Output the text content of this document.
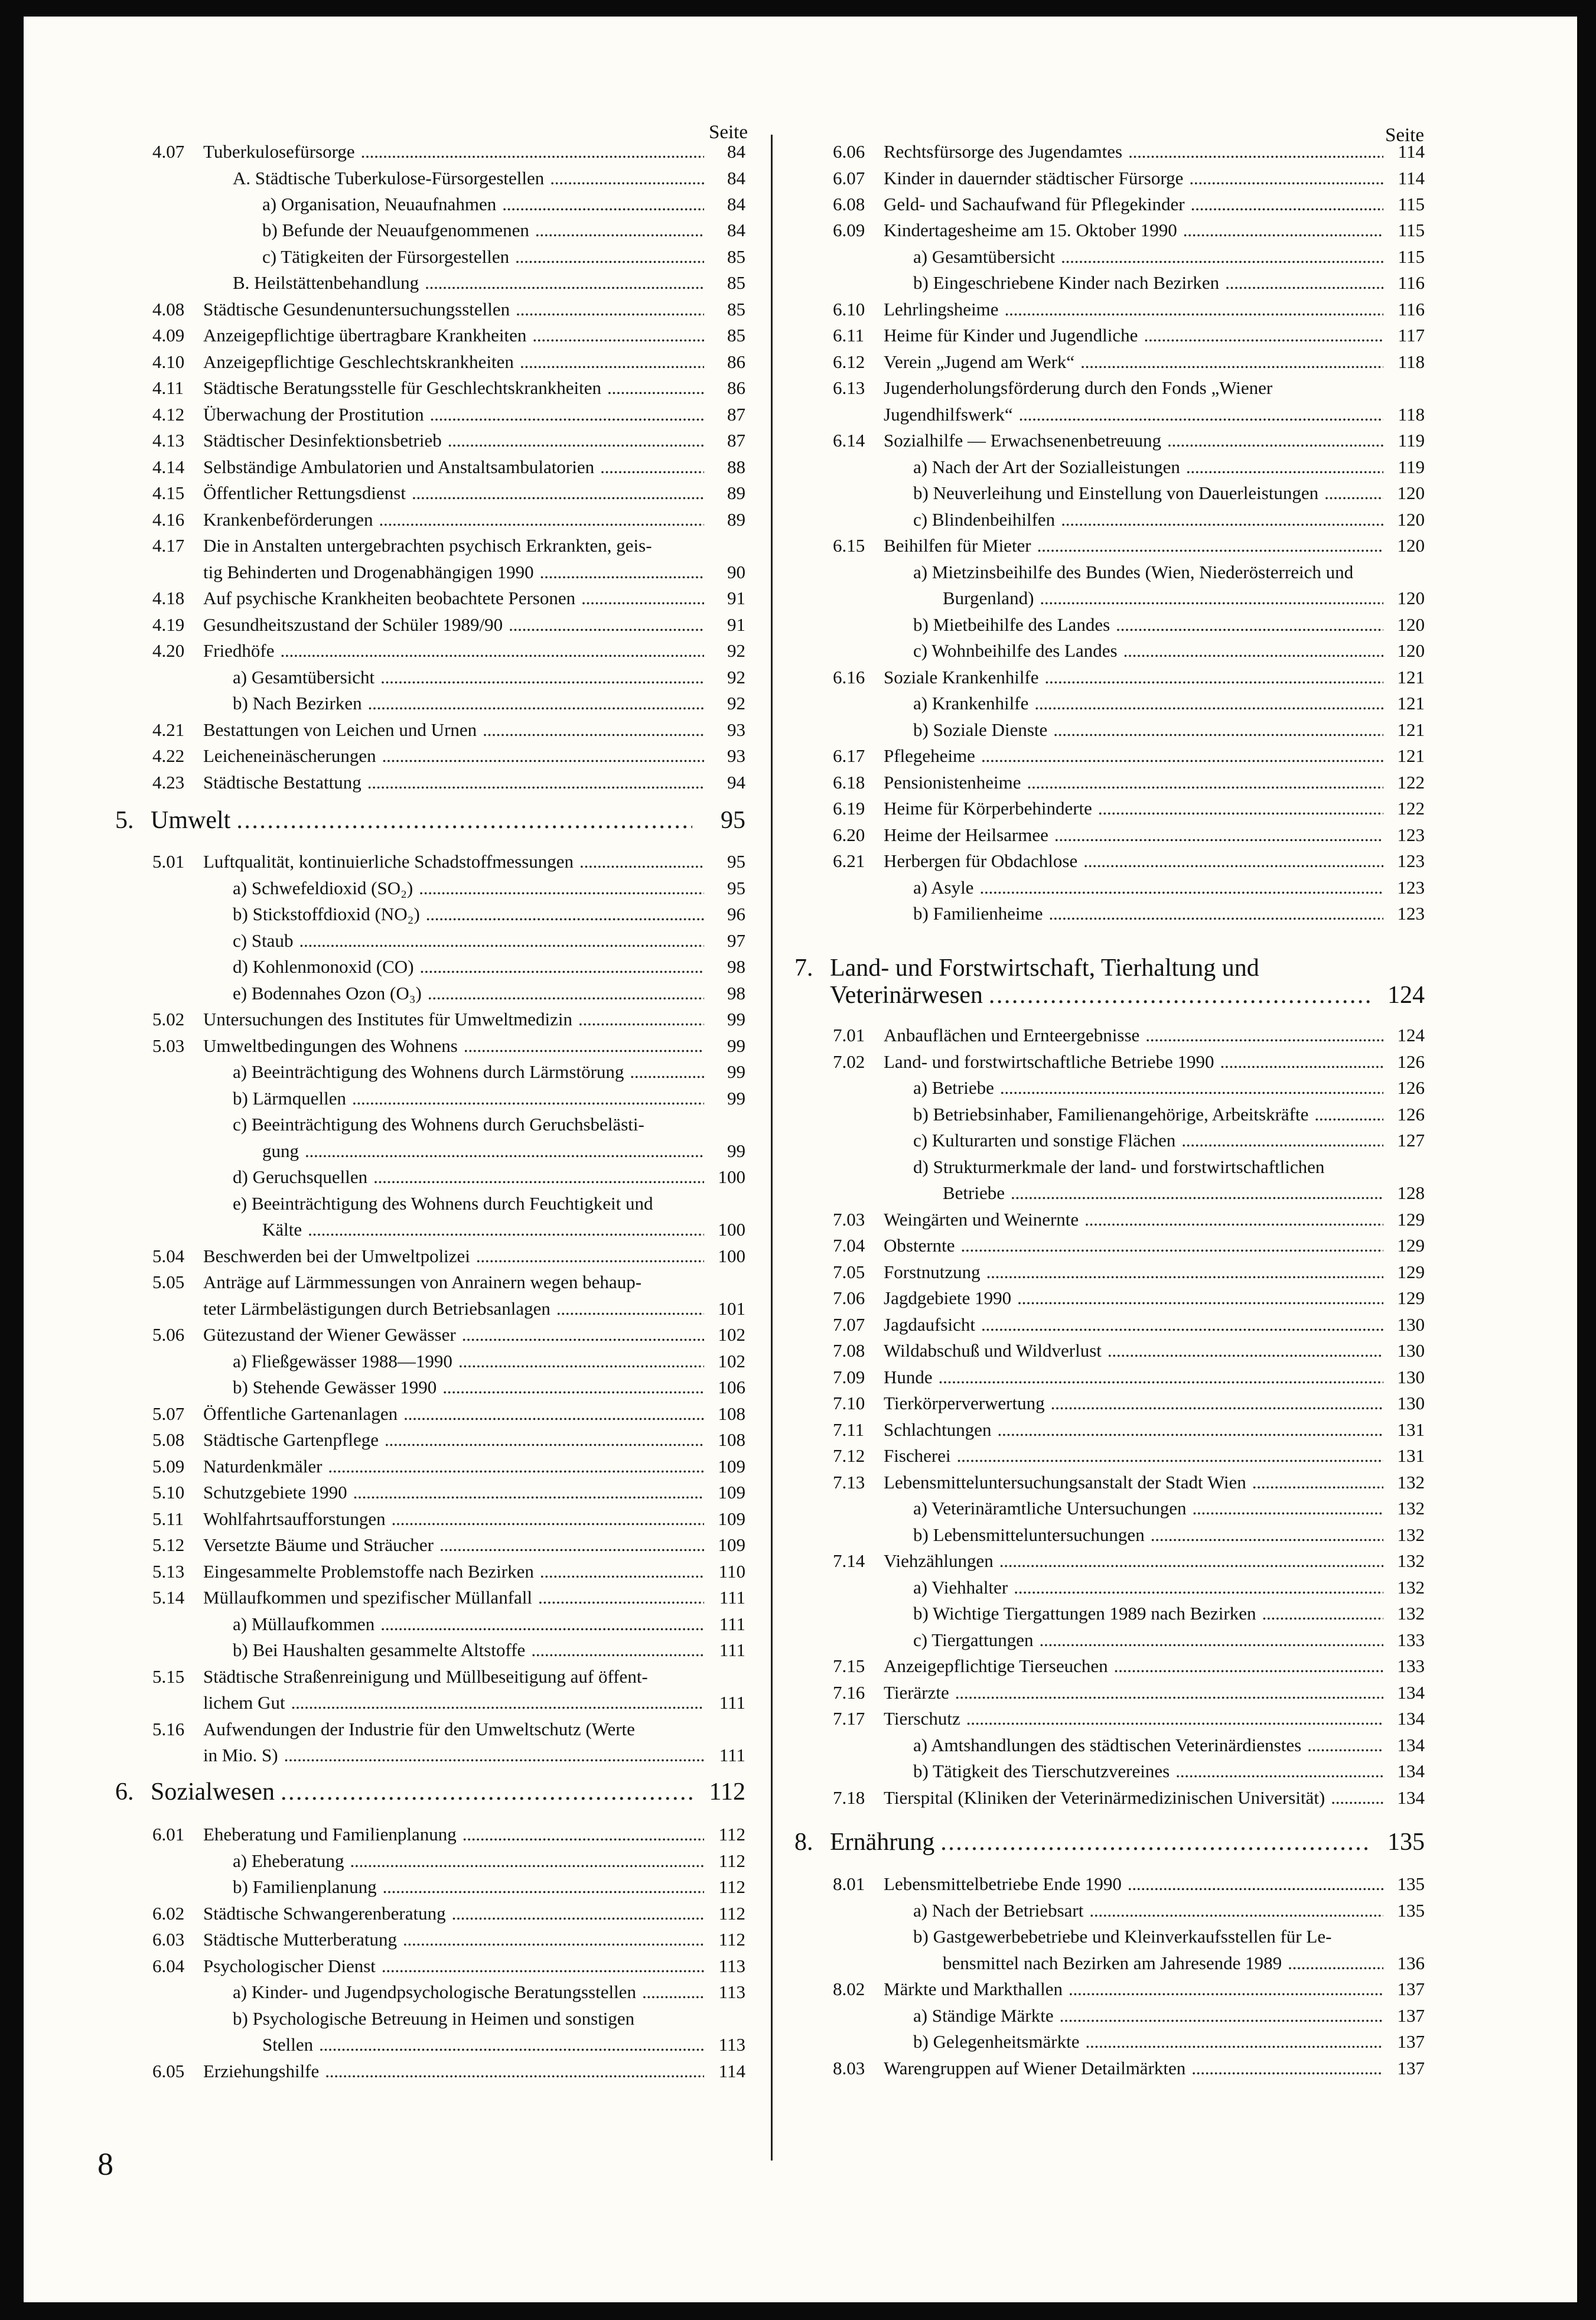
Seite	Seite
8
4.07	Tuberkulosefürsorge . . .	84
A. Städtische Tuberkulose-Fürsorgestellen . . .	84
a) Organisation, Neuaufnahmen . . .	84
b) Befunde der Neuaufgenommenen . . .	84
c) Tätigkeiten der Fürsorgestellen . . .	85
B. Heilstättenbehandlung . . .	85
4.08	Städtische Gesundenuntersuchungsstellen . . .	85
4.09	Anzeigepflichtige übertragbare Krankheiten . . .	85
4.10	Anzeigepflichtige Geschlechtskrankheiten . . .	86
4.11	Städtische Beratungsstelle für Geschlechtskrankheiten . . .	86
4.12	Überwachung der Prostitution . . .	87
4.13	Städtischer Desinfektionsbetrieb . . .	87
4.14	Selbständige Ambulatorien und Anstaltsambulatorien . . .	88
4.15	Öffentlicher Rettungsdienst . . .	89
4.16	Krankenbeförderungen . . .	89
4.17 Die in Anstalten untergebrachten psychisch Erkrankten, geis-
tig Behinderten und Drogenabhängigen 1990 . . .	90
4.18	Auf psychische Krankheiten beobachtete Personen . . .	91
4.19	Gesundheitszustand der Schüler 1989/90 . . .	91
4.20	Friedhöfe . . .	92
a) Gesamtübersicht . . .	92
b) Nach Bezirken . . .	92
4.21	Bestattungen von Leichen und Urnen . . .	93
4.22	Leicheneinäscherungen . . .	93
4.23	Städtische Bestattung . . .	94
5.01	Luftqualität, kontinuierliche Schadstoffmessungen . . .	95
a) Schwefeldioxid (SO₂) . . .	95
b) Stickstoffdioxid (NO₂) . . .	96
c) Staub . . .	97
d) Kohlenmonoxid (CO) . . .	98
e) Bodennahes Ozon (O₃) . . .	98
5.02	Untersuchungen des Institutes für Umweltmedizin . . .	99
5.03	Umweltbedingungen des Wohnens . . .	99
a) Beeinträchtigung des Wohnens durch Lärmstörung . . .	99
b) Lärmquellen . . .	99
c) Beeinträchtigung des Wohnens durch Geruchsbelästi-
gung . . .	99
d) Geruchsquellen . . .	100
e) Beeinträchtigung des Wohnens durch Feuchtigkeit und
Kälte . . .	100
5.04	Beschwerden bei der Umweltpolizei . . .	100
5.05 Anträge auf Lärmmessungen von Anrainern wegen behaup-
teter Lärmbelästigungen durch Betriebsanlagen . . .	101
5.06	Gütezustand der Wiener Gewässer . . .	102
a) Fließgewässer 1988—1990 . . .	102
b) Stehende Gewässer 1990 . . .	106
5.07	Öffentliche Gartenanlagen . . .	108
5.08	Städtische Gartenpflege . . .	108
5.09	Naturdenkmäler . . .	109
5.10	Schutzgebiete 1990 . . .	109
5.11	Wohlfahrtsaufforstungen . . .	109
5.12	Versetzte Bäume und Sträucher . . .	109
5.13	Eingesammelte Problemstoffe nach Bezirken . . .	110
5.14	Müllaufkommen und spezifischer Müllanfall . . .	111
a) Müllaufkommen . . .	111
b) Bei Haushalten gesammelte Altstoffe . . .	111
5.15 Städtische Straßenreinigung und Müllbeseitigung auf öffent-
lichem Gut . . .	111
5.16 Aufwendungen der Industrie für den Umweltschutz (Werte
in Mio. S) . . .	111
6.01	Eheberatung und Familienplanung . . .	112
a) Eheberatung . . .	112
b) Familienplanung . . .	112
6.02	Städtische Schwangerenberatung . . .	112
6.03	Städtische Mutterberatung . . .	112
6.04	Psychologischer Dienst . . .	113
a) Kinder- und Jugendpsychologische Beratungsstellen . . .	113
b) Psychologische Betreuung in Heimen und sonstigen
Stellen . . .	113
6.05	Erziehungshilfe . . .	114
6.06	Rechtsfürsorge des Jugendamtes . . .	114
6.07	Kinder in dauernder städtischer Fürsorge . . .	114
6.08	Geld- und Sachaufwand für Pflegekinder . . .	115
6.09	Kindertagesheime am 15. Oktober 1990 . . .	115
a) Gesamtübersicht . . .	115
b) Eingeschriebene Kinder nach Bezirken . . .	116
6.10	Lehrlingsheime . . .	116
6.11	Heime für Kinder und Jugendliche . . .	117
6.12	Verein „Jugend am Werk“ . . .	118
6.13 Jugenderholungsförderung durch den Fonds „Wiener
Jugendhilfswerk“ . . .	118
6.14	Sozialhilfe — Erwachsenenbetreuung . . .	119
a) Nach der Art der Sozialleistungen . . .	119
b) Neuverleihung und Einstellung von Dauerleistungen . . .	120
c) Blindenbeihilfen . . .	120
6.15	Beihilfen für Mieter . . .	120
a) Mietzinsbeihilfe des Bundes (Wien, Niederösterreich und
Burgenland) . . .	120
b) Mietbeihilfe des Landes . . .	120
c) Wohnbeihilfe des Landes . . .	120
6.16	Soziale Krankenhilfe . . .	121
a) Krankenhilfe . . .	121
b) Soziale Dienste . . .	121
6.17	Pflegeheime . . .	121
6.18	Pensionistenheime . . .	122
6.19	Heime für Körperbehinderte . . .	122
6.20	Heime der Heilsarmee . . .	123
6.21	Herbergen für Obdachlose . . .	123
a) Asyle . . .	123
b) Familienheime . . .	123
7.01	Anbauflächen und Ernteergebnisse . . .	124
7.02	Land- und forstwirtschaftliche Betriebe 1990 . . .	126
a) Betriebe . . .	126
b) Betriebsinhaber, Familienangehörige, Arbeitskräfte . . .	126
c) Kulturarten und sonstige Flächen . . .	127
d) Strukturmerkmale der land- und forstwirtschaftlichen
Betriebe . . .	128
7.03	Weingärten und Weinernte . . .	129
7.04	Obsternte . . .	129
7.05	Forstnutzung . . .	129
7.06	Jagdgebiete 1990 . . .	129
7.07	Jagdaufsicht . . .	130
7.08	Wildabschuß und Wildverlust . . .	130
7.09	Hunde . . .	130
7.10	Tierkörperverwertung . . .	130
7.11	Schlachtungen . . .	131
7.12	Fischerei . . .	131
7.13	Lebensmitteluntersuchungsanstalt der Stadt Wien . . .	132
a) Veterinäramtliche Untersuchungen . . .	132
b) Lebensmitteluntersuchungen . . .	132
7.14	Viehzählungen . . .	132
a) Viehhalter . . .	132
b) Wichtige Tiergattungen 1989 nach Bezirken . . .	132
c) Tiergattungen . . .	133
7.15	Anzeigepflichtige Tierseuchen . . .	133
7.16	Tierärzte . . .	134
7.17	Tierschutz . . .	134
a) Amtshandlungen des städtischen Veterinärdienstes . . .	134
b) Tätigkeit des Tierschutzvereines . . .	134
7.18	Tierspital (Kliniken der Veterinärmedizinischen Universität) . . .	134
8.01	Lebensmittelbetriebe Ende 1990 . . .	135
a) Nach der Betriebsart . . .	135
b) Gastgewerbebetriebe und Kleinverkaufsstellen für Le-
bensmittel nach Bezirken am Jahresende 1989 . . .	136
8.02	Märkte und Markthallen . . .	137
a) Ständige Märkte . . .	137
b) Gelegenheitsmärkte . . .	137
8.03	Warengruppen auf Wiener Detailmärkten . . .	137
5. Umwelt . . .	95
6. Sozialwesen . . .	112
7. Land- und Forstwirtschaft, Tierhaltung und
Veterinärwesen . . .	124
8. Ernährung . . .	135
